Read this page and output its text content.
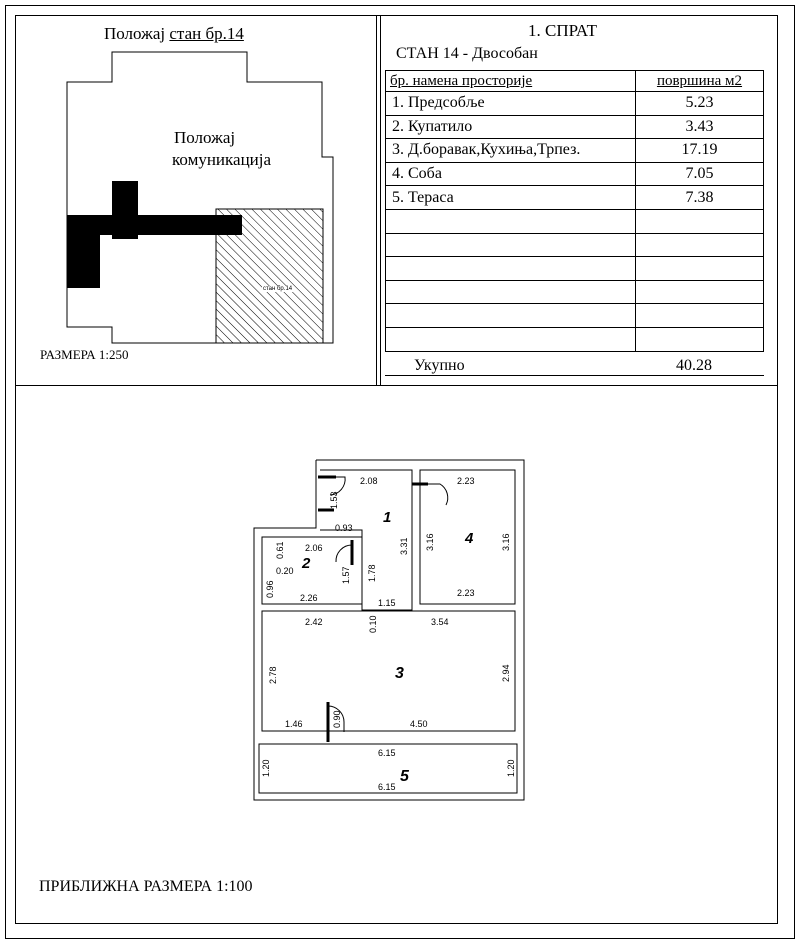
Положај стан бр.14
Положај
комуникација
стан бр.14
РАЗМЕРА 1:250
1. СПРАТ
СТАН 14 - Двособан
бр. намена просторије	површина м2
1. Предсобље	5.23
2. Купатило	3.43
3. Д.боравак,Кухиња,Трпез.	17.19
4. Соба	7.05
5. Тераса	7.38

Укупно	40.28
1
2
3
4
5
2.08
1.53
3.31
0.93
1.15
2.06
0.61
0.20
0.96
1.57 1.78
2.26
2.23
3.16	3.16
2.23
2.42	0.10	3.54
2.78	2.94
1.46	0.90	4.50
6.15
1.20	1.20
6.15
ПРИБЛИЖНА РАЗМЕРА 1:100
